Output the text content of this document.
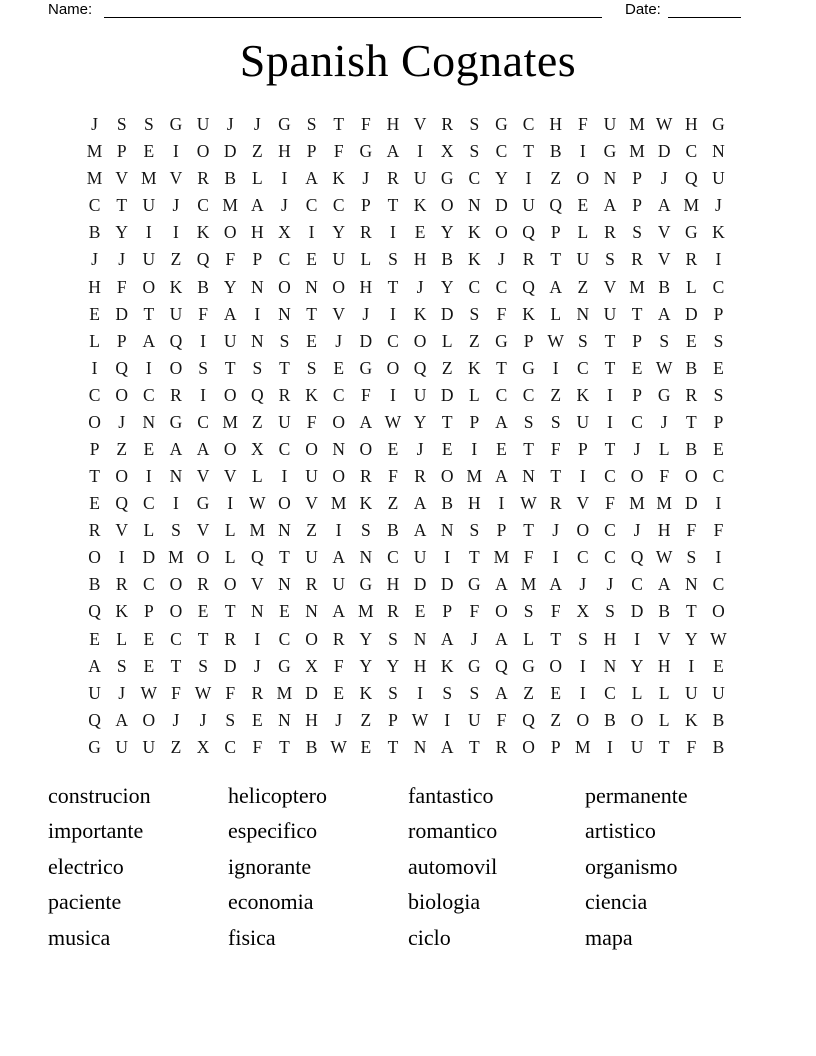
Name:	Date:
Spanish Cognates
J	S S G U J	J G S T F H V R S G C H F U M W H G
M P E	I	O D Z H P F G A	I	X S C T B	I	G M D C N
M V M V R B L	I	A K J	R U G C Y	I	Z O N P	J Q U
C T U J	C M A J	C C P T K O N D U Q E A P A M J
B Y	I	I	K O H X	I	Y R	I	E Y K O Q P L R S V G K
J	J U Z Q F P C E U L S H B K J	R T U S R V R	I
H F O K B Y N O N O H T	J Y C C Q A Z V M B L C
E D T U F A	I	N T V J	I	K D S F K L N U T A D P
L P A Q	I	U N S E	J D C O L Z G P W S T P S E S
I	Q	I	O S T S T S E G O Q Z K T G	I	C T E W B E
C O C R	I	O Q R K C F	I	U D L C C Z K	I	P G R S
O J N G C M Z U F O A W Y T P A S S U	I	C	J	T P
P Z E A A O X C O N O E	J	E	I	E T F P T	J	L B E
T O	I	N V V L	I	U O R F R O M A N T	I	C O F O C
E Q C	I	G	I W O V M K Z A B H	I W R V F M M D	I
R V L S V L M N Z	I	S B A N S P T	J O C	J H F F
O	I	D M O L Q T U A N C U	I	T M F	I	C C Q W S	I
B R C O R O V N R U G H D D G A M A J	J	C A N C
Q K P O E T N E N A M R E P F O S F X S D B T O
E L E C T R	I	C O R Y S N A J A L T S H	I	V Y W
A S E T S D J G X F Y Y H K G Q G O	I	N Y H	I	E
U J W F W F R M D E K S	I	S S A Z E	I	C L L U U
Q A O J	J	S E N H J	Z P W I	U F Q Z O B O L K B
G U U Z X C F T B W E T N A T R O P M I	U T F B
construcion
importante
electrico
paciente
musica
helicoptero
especifico
ignorante
economia
fisica
fantastico
romantico
automovil
biologia
ciclo
permanente
artistico
organismo
ciencia
mapa
